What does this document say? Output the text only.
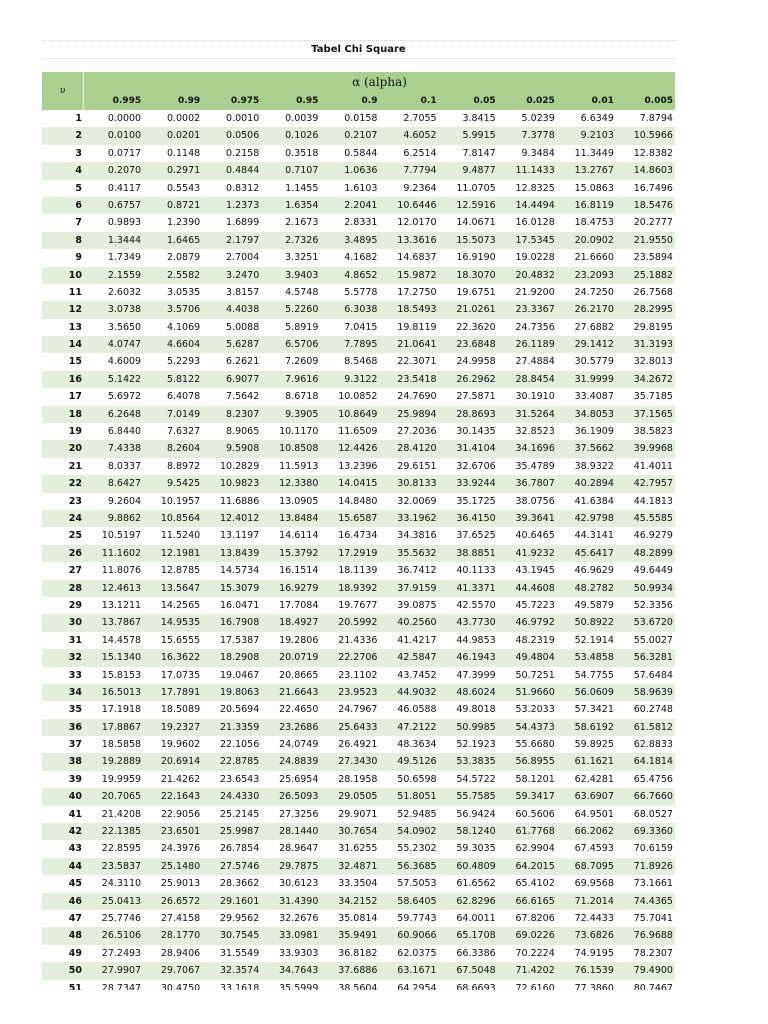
Tabel Chi Square
υ
α (alpha)
0.995	0.99	0.975	0.95	0.9	0.1	0.05	0.025	0.01	0.005
1	0.0000	0.0002	0.0010	0.0039	0.0158	2.7055	3.8415	5.0239	6.6349	7.8794
2	0.0100	0.0201	0.0506	0.1026	0.2107	4.6052	5.9915	7.3778	9.2103	10.5966
3	0.0717	0.1148	0.2158	0.3518	0.5844	6.2514	7.8147	9.3484	11.3449	12.8382
4	0.2070	0.2971	0.4844	0.7107	1.0636	7.7794	9.4877	11.1433	13.2767	14.8603
5	0.4117	0.5543	0.8312	1.1455	1.6103	9.2364	11.0705	12.8325	15.0863	16.7496
6	0.6757	0.8721	1.2373	1.6354	2.2041	10.6446	12.5916	14.4494	16.8119	18.5476
7	0.9893	1.2390	1.6899	2.1673	2.8331	12.0170	14.0671	16.0128	18.4753	20.2777
8	1.3444	1.6465	2.1797	2.7326	3.4895	13.3616	15.5073	17.5345	20.0902	21.9550
9	1.7349	2.0879	2.7004	3.3251	4.1682	14.6837	16.9190	19.0228	21.6660	23.5894
10	2.1559	2.5582	3.2470	3.9403	4.8652	15.9872	18.3070	20.4832	23.2093	25.1882
11	2.6032	3.0535	3.8157	4.5748	5.5778	17.2750	19.6751	21.9200	24.7250	26.7568
12	3.0738	3.5706	4.4038	5.2260	6.3038	18.5493	21.0261	23.3367	26.2170	28.2995
13	3.5650	4.1069	5.0088	5.8919	7.0415	19.8119	22.3620	24.7356	27.6882	29.8195
14	4.0747	4.6604	5.6287	6.5706	7.7895	21.0641	23.6848	26.1189	29.1412	31.3193
15	4.6009	5.2293	6.2621	7.2609	8.5468	22.3071	24.9958	27.4884	30.5779	32.8013
16	5.1422	5.8122	6.9077	7.9616	9.3122	23.5418	26.2962	28.8454	31.9999	34.2672
17	5.6972	6.4078	7.5642	8.6718	10.0852	24.7690	27.5871	30.1910	33.4087	35.7185
18	6.2648	7.0149	8.2307	9.3905	10.8649	25.9894	28.8693	31.5264	34.8053	37.1565
19	6.8440	7.6327	8.9065	10.1170	11.6509	27.2036	30.1435	32.8523	36.1909	38.5823
20	7.4338	8.2604	9.5908	10.8508	12.4426	28.4120	31.4104	34.1696	37.5662	39.9968
21	8.0337	8.8972	10.2829	11.5913	13.2396	29.6151	32.6706	35.4789	38.9322	41.4011
22	8.6427	9.5425	10.9823	12.3380	14.0415	30.8133	33.9244	36.7807	40.2894	42.7957
23	9.2604	10.1957	11.6886	13.0905	14.8480	32.0069	35.1725	38.0756	41.6384	44.1813
24	9.8862	10.8564	12.4012	13.8484	15.6587	33.1962	36.4150	39.3641	42.9798	45.5585
25	10.5197	11.5240	13.1197	14.6114	16.4734	34.3816	37.6525	40.6465	44.3141	46.9279
26	11.1602	12.1981	13.8439	15.3792	17.2919	35.5632	38.8851	41.9232	45.6417	48.2899
27	11.8076	12.8785	14.5734	16.1514	18.1139	36.7412	40.1133	43.1945	46.9629	49.6449
28	12.4613	13.5647	15.3079	16.9279	18.9392	37.9159	41.3371	44.4608	48.2782	50.9934
29	13.1211	14.2565	16.0471	17.7084	19.7677	39.0875	42.5570	45.7223	49.5879	52.3356
30	13.7867	14.9535	16.7908	18.4927	20.5992	40.2560	43.7730	46.9792	50.8922	53.6720
31	14.4578	15.6555	17.5387	19.2806	21.4336	41.4217	44.9853	48.2319	52.1914	55.0027
32	15.1340	16.3622	18.2908	20.0719	22.2706	42.5847	46.1943	49.4804	53.4858	56.3281
33	15.8153	17.0735	19.0467	20.8665	23.1102	43.7452	47.3999	50.7251	54.7755	57.6484
34	16.5013	17.7891	19.8063	21.6643	23.9523	44.9032	48.6024	51.9660	56.0609	58.9639
35	17.1918	18.5089	20.5694	22.4650	24.7967	46.0588	49.8018	53.2033	57.3421	60.2748
36	17.8867	19.2327	21.3359	23.2686	25.6433	47.2122	50.9985	54.4373	58.6192	61.5812
37	18.5858	19.9602	22.1056	24.0749	26.4921	48.3634	52.1923	55.6680	59.8925	62.8833
38	19.2889	20.6914	22.8785	24.8839	27.3430	49.5126	53.3835	56.8955	61.1621	64.1814
39	19.9959	21.4262	23.6543	25.6954	28.1958	50.6598	54.5722	58.1201	62.4281	65.4756
40	20.7065	22.1643	24.4330	26.5093	29.0505	51.8051	55.7585	59.3417	63.6907	66.7660
41	21.4208	22.9056	25.2145	27.3256	29.9071	52.9485	56.9424	60.5606	64.9501	68.0527
42	22.1385	23.6501	25.9987	28.1440	30.7654	54.0902	58.1240	61.7768	66.2062	69.3360
43	22.8595	24.3976	26.7854	28.9647	31.6255	55.2302	59.3035	62.9904	67.4593	70.6159
44	23.5837	25.1480	27.5746	29.7875	32.4871	56.3685	60.4809	64.2015	68.7095	71.8926
45	24.3110	25.9013	28.3662	30.6123	33.3504	57.5053	61.6562	65.4102	69.9568	73.1661
46	25.0413	26.6572	29.1601	31.4390	34.2152	58.6405	62.8296	66.6165	71.2014	74.4365
47	25.7746	27.4158	29.9562	32.2676	35.0814	59.7743	64.0011	67.8206	72.4433	75.7041
48	26.5106	28.1770	30.7545	33.0981	35.9491	60.9066	65.1708	69.0226	73.6826	76.9688
49	27.2493	28.9406	31.5549	33.9303	36.8182	62.0375	66.3386	70.2224	74.9195	78.2307
50	27.9907	29.7067	32.3574	34.7643	37.6886	63.1671	67.5048	71.4202	76.1539	79.4900
51	28.7347	30.4750	33.1618	35.5999	38.5604	64.2954	68.6693	72.6160	77.3860	80.7467
